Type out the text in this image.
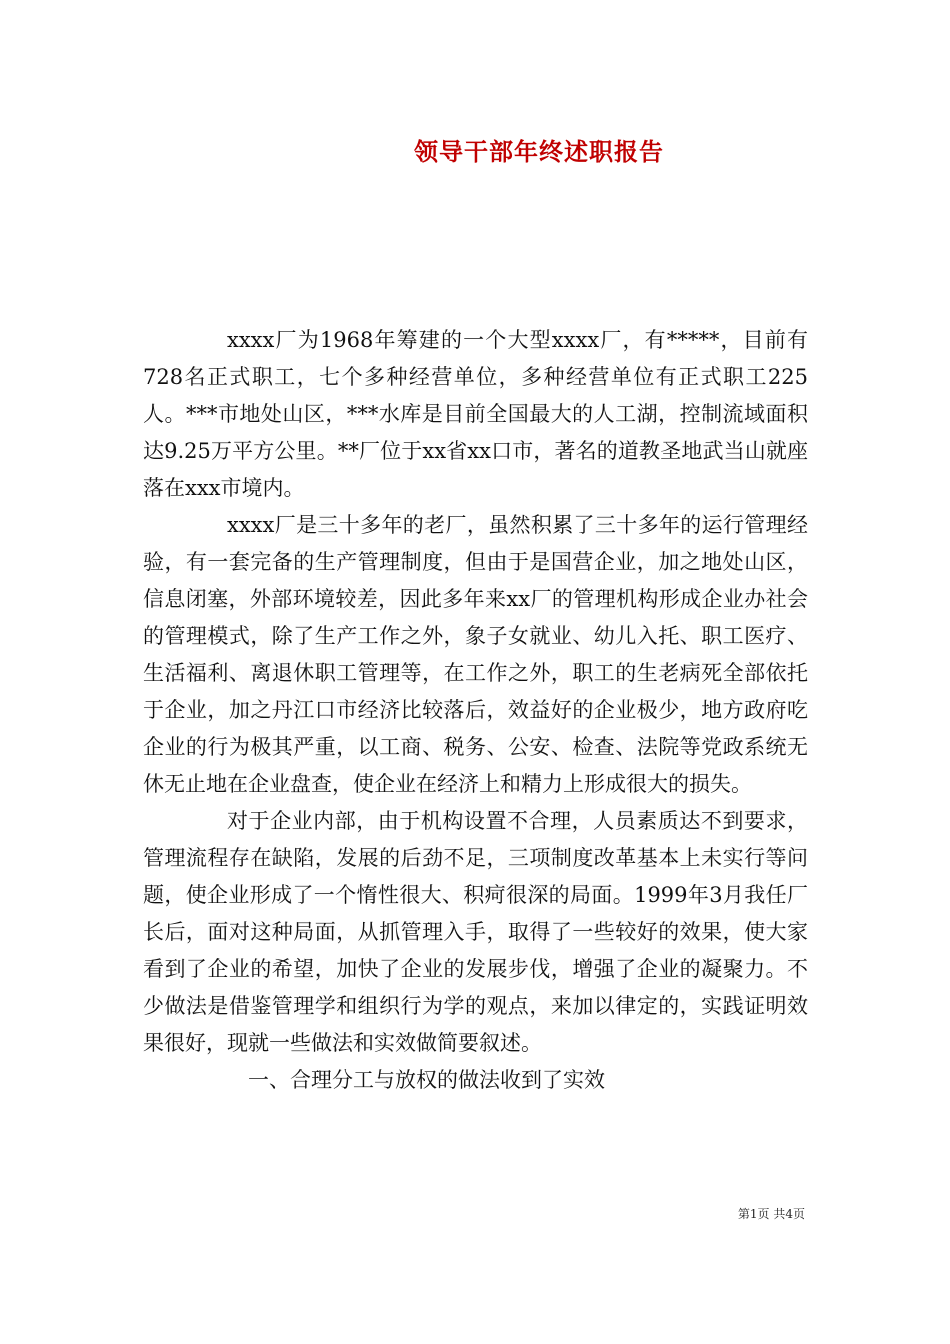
领导干部年终述职报告

xxxx厂为1968年筹建的一个大型xxxx厂，有*****，目前有728名正式职工，七个多种经营单位，多种经营单位有正式职工225人。***市地处山区，***水库是目前全国最大的人工湖，控制流域面积达9.25万平方公里。**厂位于xx省xx口市，著名的道教圣地武当山就座落在xxx市境内。

xxxx厂是三十多年的老厂，虽然积累了三十多年的运行管理经验，有一套完备的生产管理制度，但由于是国营企业，加之地处山区，信息闭塞，外部环境较差，因此多年来xx厂的管理机构形成企业办社会的管理模式，除了生产工作之外，象子女就业、幼儿入托、职工医疗、生活福利、离退休职工管理等，在工作之外，职工的生老病死全部依托于企业，加之丹江口市经济比较落后，效益好的企业极少，地方政府吃企业的行为极其严重，以工商、税务、公安、检查、法院等党政系统无休无止地在企业盘查，使企业在经济上和精力上形成很大的损失。

对于企业内部，由于机构设置不合理，人员素质达不到要求，管理流程存在缺陷，发展的后劲不足，三项制度改革基本上未实行等问题，使企业形成了一个惰性很大、积疴很深的局面。1999年3月我任厂长后，面对这种局面，从抓管理入手，取得了一些较好的效果，使大家看到了企业的希望，加快了企业的发展步伐，增强了企业的凝聚力。不少做法是借鉴管理学和组织行为学的观点，来加以律定的，实践证明效果很好，现就一些做法和实效做简要叙述。

一、合理分工与放权的做法收到了实效

第1页 共4页
